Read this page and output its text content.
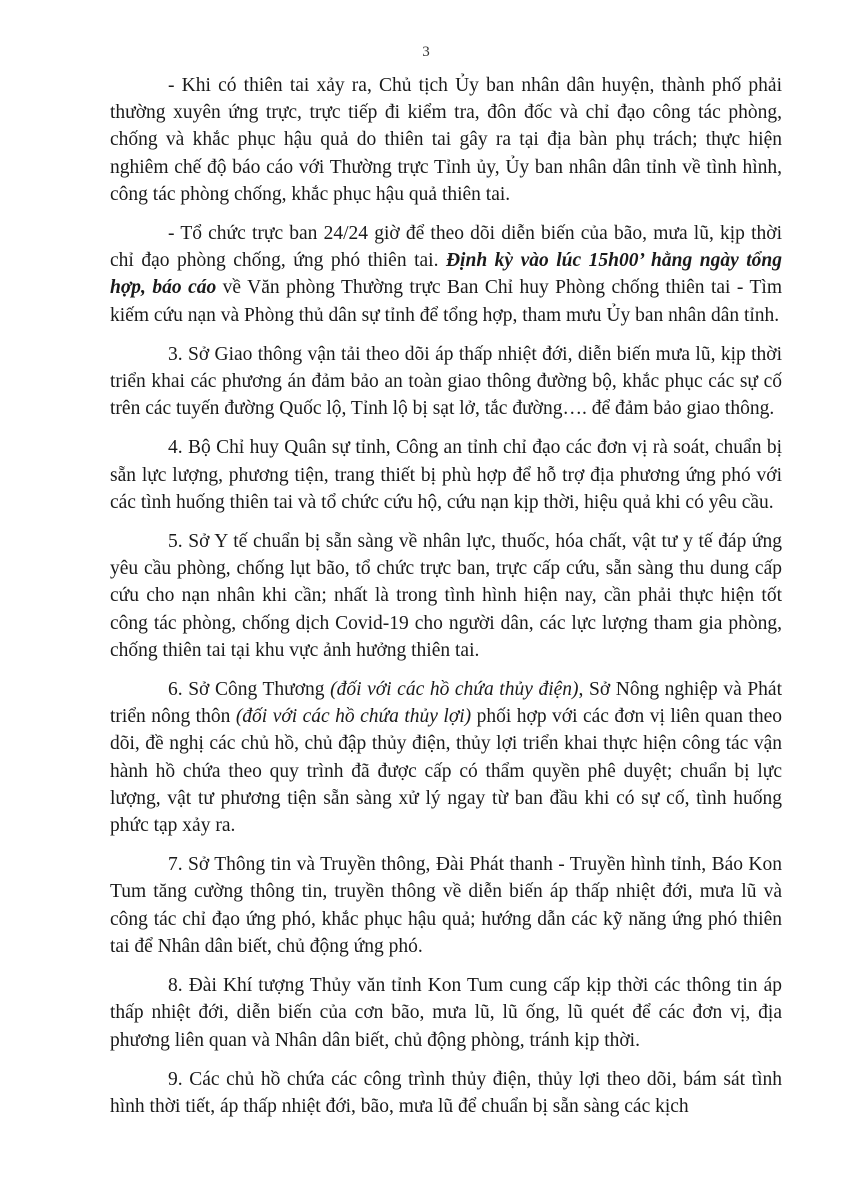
3

- Khi có thiên tai xảy ra, Chủ tịch Ủy ban nhân dân huyện, thành phố phải thường xuyên ứng trực, trực tiếp đi kiểm tra, đôn đốc và chỉ đạo công tác phòng, chống và khắc phục hậu quả do thiên tai gây ra tại địa bàn phụ trách; thực hiện nghiêm chế độ báo cáo với Thường trực Tỉnh ủy, Ủy ban nhân dân tỉnh về tình hình, công tác phòng chống, khắc phục hậu quả thiên tai.

- Tổ chức trực ban 24/24 giờ để theo dõi diễn biến của bão, mưa lũ, kịp thời chỉ đạo phòng chống, ứng phó thiên tai. Định kỳ vào lúc 15h00’ hằng ngày tổng hợp, báo cáo về Văn phòng Thường trực Ban Chỉ huy Phòng chống thiên tai - Tìm kiếm cứu nạn và Phòng thủ dân sự tỉnh để tổng hợp, tham mưu Ủy ban nhân dân tỉnh.

3. Sở Giao thông vận tải theo dõi áp thấp nhiệt đới, diễn biến mưa lũ, kịp thời triển khai các phương án đảm bảo an toàn giao thông đường bộ, khắc phục các sự cố trên các tuyến đường Quốc lộ, Tỉnh lộ bị sạt lở, tắc đường…. để đảm bảo giao thông.

4. Bộ Chỉ huy Quân sự tỉnh, Công an tỉnh chỉ đạo các đơn vị rà soát, chuẩn bị sẵn lực lượng, phương tiện, trang thiết bị phù hợp để hỗ trợ địa phương ứng phó với các tình huống thiên tai và tổ chức cứu hộ, cứu nạn kịp thời, hiệu quả khi có yêu cầu.

5. Sở Y tế chuẩn bị sẵn sàng về nhân lực, thuốc, hóa chất, vật tư y tế đáp ứng yêu cầu phòng, chống lụt bão, tổ chức trực ban, trực cấp cứu, sẵn sàng thu dung cấp cứu cho nạn nhân khi cần; nhất là trong tình hình hiện nay, cần phải thực hiện tốt công tác phòng, chống dịch Covid-19 cho người dân, các lực lượng tham gia phòng, chống thiên tai tại khu vực ảnh hưởng thiên tai.

6. Sở Công Thương (đối với các hồ chứa thủy điện), Sở Nông nghiệp và Phát triển nông thôn (đối với các hồ chứa thủy lợi) phối hợp với các đơn vị liên quan theo dõi, đề nghị các chủ hồ, chủ đập thủy điện, thủy lợi triển khai thực hiện công tác vận hành hồ chứa theo quy trình đã được cấp có thẩm quyền phê duyệt; chuẩn bị lực lượng, vật tư phương tiện sẵn sàng xử lý ngay từ ban đầu khi có sự cố, tình huống phức tạp xảy ra.

7. Sở Thông tin và Truyền thông, Đài Phát thanh - Truyền hình tỉnh, Báo Kon Tum tăng cường thông tin, truyền thông về diễn biến áp thấp nhiệt đới, mưa lũ và công tác chỉ đạo ứng phó, khắc phục hậu quả; hướng dẫn các kỹ năng ứng phó thiên tai để Nhân dân biết, chủ động ứng phó.

8. Đài Khí tượng Thủy văn tỉnh Kon Tum cung cấp kịp thời các thông tin áp thấp nhiệt đới, diễn biến của cơn bão, mưa lũ, lũ ống, lũ quét để các đơn vị, địa phương liên quan và Nhân dân biết, chủ động phòng, tránh kịp thời.

9. Các chủ hồ chứa các công trình thủy điện, thủy lợi theo dõi, bám sát tình hình thời tiết, áp thấp nhiệt đới, bão, mưa lũ để chuẩn bị sẵn sàng các kịch
